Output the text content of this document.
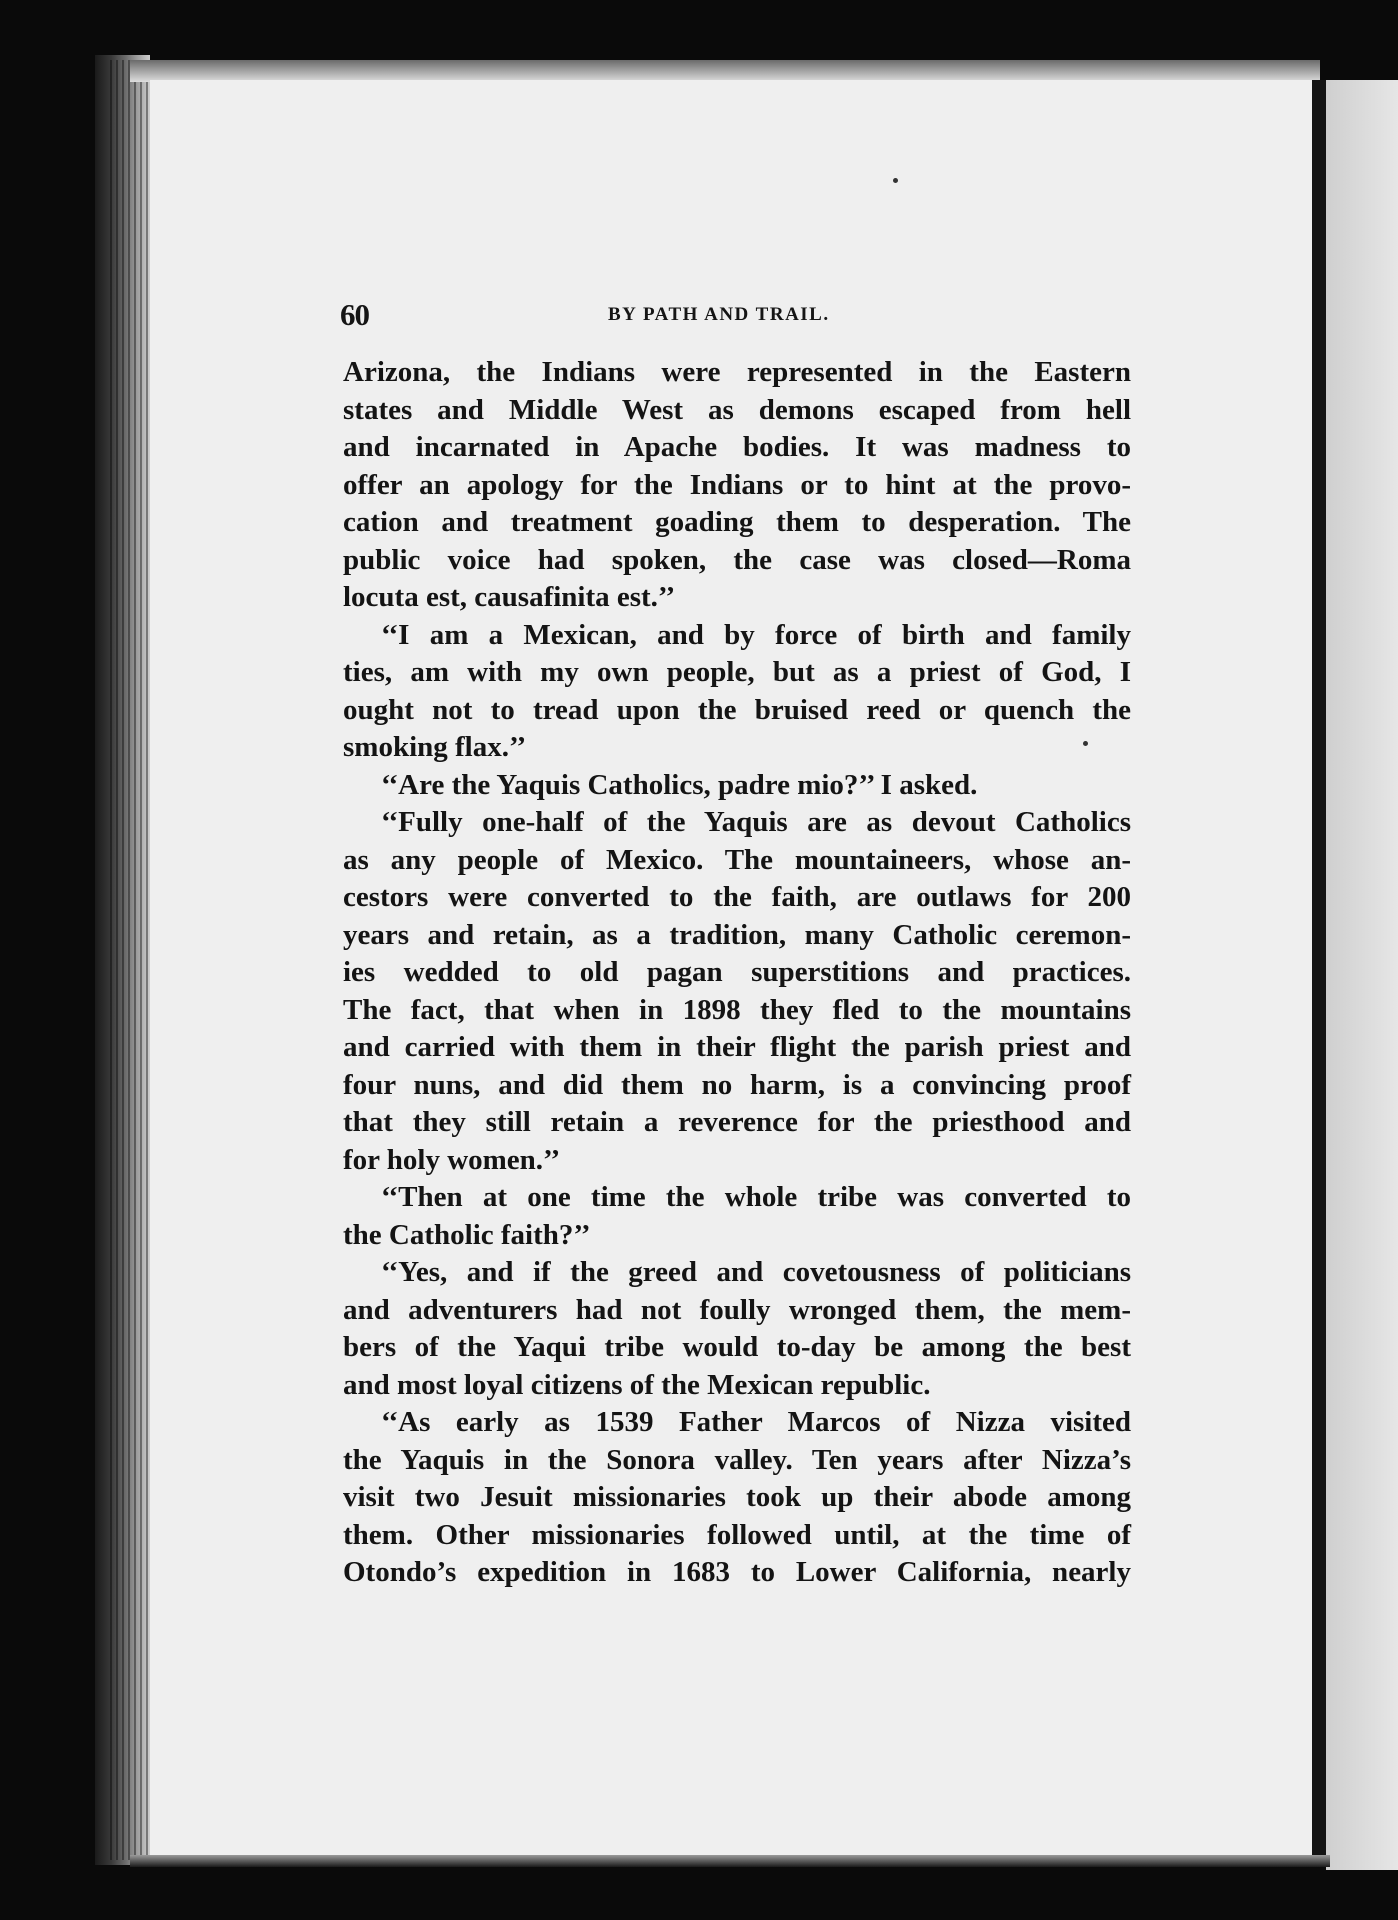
60	BY PATH AND TRAIL.
Arizona, the Indians were represented in the Eastern
states and Middle West as demons escaped from hell
and incarnated in Apache bodies. It was madness to
offer an apology for the Indians or to hint at the provo-
cation and treatment goading them to desperation. The
public voice had spoken, the case was closed—Roma
locuta est, causafinita est.’’
‘‘I am a Mexican, and by force of birth and family
ties, am with my own people, but as a priest of God, I
ought not to tread upon the bruised reed or quench the
smoking flax.’’
‘‘Are the Yaquis Catholics, padre mio?’’ I asked.
‘‘Fully one-half of the Yaquis are as devout Catholics
as any people of Mexico. The mountaineers, whose an-
cestors were converted to the faith, are outlaws for 200
years and retain, as a tradition, many Catholic ceremon-
ies wedded to old pagan superstitions and practices.
The fact, that when in 1898 they fled to the mountains
and carried with them in their flight the parish priest and
four nuns, and did them no harm, is a convincing proof
that they still retain a reverence for the priesthood and
for holy women.’’
‘‘Then at one time the whole tribe was converted to
the Catholic faith?’’
‘‘Yes, and if the greed and covetousness of politicians
and adventurers had not foully wronged them, the mem-
bers of the Yaqui tribe would to-day be among the best
and most loyal citizens of the Mexican republic.
‘‘As early as 1539 Father Marcos of Nizza visited
the Yaquis in the Sonora valley. Ten years after Nizza’s
visit two Jesuit missionaries took up their abode among
them. Other missionaries followed until, at the time of
Otondo’s expedition in 1683 to Lower California, nearly
